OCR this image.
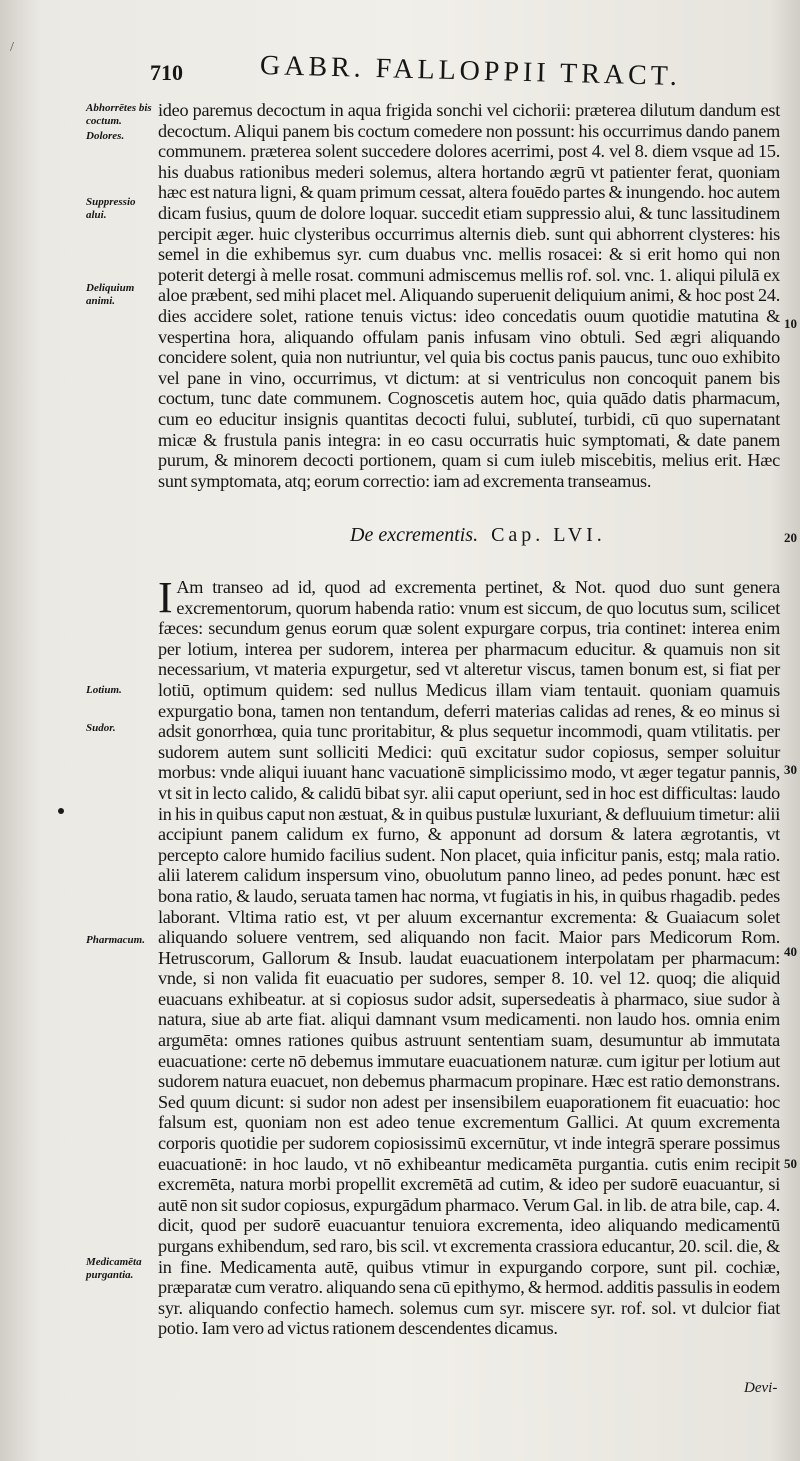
/
710	GABR. FALLOPPII TRACT.
Abhorrētes bis coctum.
Dolores.
Suppressio alui.
Deliquium animi.
Lotium.
Sudor.
Pharmacum.
Medicamēta purgantia.
ideo paremus decoctum in aqua frigida sonchi vel cichorii: præterea dilutum dandum est decoctum. Aliqui panem bis coctum comedere non possunt: his occurrimus dando panem communem. præterea solent succedere dolores acerrimi, post 4. vel 8. diem vsque ad 15. his duabus rationibus mederi solemus, altera hortando ægrū vt patienter ferat, quoniam hæc est natura ligni, & quam primum cessat, altera fouēdo partes & inungendo. hoc autem dicam fusius, quum de dolore loquar. succedit etiam suppressio alui, & tunc lassitudinem percipit æger. huic clysteribus occurrimus alternis dieb. sunt qui abhorrent clysteres: his semel in die exhibemus syr. cum duabus vnc. mellis rosacei: & si erit homo qui non poterit detergi à melle rosat. communi admiscemus mellis rof. sol. vnc. 1. aliqui pilulā ex aloe præbent, sed mihi placet mel. Aliquando superuenit deliquium animi, & hoc post 24. dies accidere solet, ratione tenuis victus: ideo concedatis ouum quotidie matutina & vespertina hora, aliquando offulam panis infusam vino obtuli. Sed ægri aliquando concidere solent, quia non nutriuntur, vel quia bis coctus panis paucus, tunc ouo exhibito vel pane in vino, occurrimus, vt dictum: at si ventriculus non concoquit panem bis coctum, tunc date communem. Cognoscetis autem hoc, quia quādo datis pharmacum, cum eo educitur insignis quantitas decocti fului, subluteí, turbidi, cū quo supernatant micæ & frustula panis integra: in eo casu occurratis huic symptomati, & date panem purum, & minorem decocti portionem, quam si cum iuleb miscebitis, melius erit. Hæc sunt symptomata, atq; eorum correctio: iam ad excrementa transeamus.
De excrementis. Cap. LVI.
I Am transeo ad id, quod ad excrementa pertinet, & Not. quod duo sunt genera excrementorum, quorum habenda ratio: vnum est siccum, de quo locutus sum, scilicet fæces: secundum genus eorum quæ solent expurgare corpus, tria continet: interea enim per lotium, interea per sudorem, interea per pharmacum educitur. & quamuis non sit necessarium, vt materia expurgetur, sed vt alteretur viscus, tamen bonum est, si fiat per lotiū, optimum quidem: sed nullus Medicus illam viam tentauit. quoniam quamuis expurgatio bona, tamen non tentandum, deferri materias calidas ad renes, & eo minus si adsit gonorrhœa, quia tunc proritabitur, & plus sequetur incommodi, quam vtilitatis. per sudorem autem sunt solliciti Medici: quū excitatur sudor copiosus, semper soluitur morbus: vnde aliqui iuuant hanc vacuationē simplicissimo modo, vt æger tegatur pannis, vt sit in lecto calido, & calidū bibat syr. alii caput operiunt, sed in hoc est difficultas: laudo in his in quibus caput non æstuat, & in quibus pustulæ luxuriant, & defluuium timetur: alii accipiunt panem calidum ex furno, & apponunt ad dorsum & latera ægrotantis, vt percepto calore humido facilius sudent. Non placet, quia inficitur panis, estq; mala ratio. alii laterem calidum inspersum vino, obuolutum panno lineo, ad pedes ponunt. hæc est bona ratio, & laudo, seruata tamen hac norma, vt fugiatis in his, in quibus rhagadib. pedes laborant. Vltima ratio est, vt per aluum excernantur excrementa: & Guaiacum solet aliquando soluere ventrem, sed aliquando non facit. Maior pars Medicorum Rom. Hetruscorum, Gallorum & Insub. laudat euacuationem interpolatam per pharmacum: vnde, si non valida fit euacuatio per sudores, semper 8. 10. vel 12. quoq; die aliquid euacuans exhibeatur. at si copiosus sudor adsit, supersedeatis à pharmaco, siue sudor à natura, siue ab arte fiat. aliqui damnant vsum medicamenti. non laudo hos. omnia enim argumēta: omnes rationes quibus astruunt sententiam suam, desumuntur ab immutata euacuatione: certe nō debemus immutare euacuationem naturæ. cum igitur per lotium aut sudorem natura euacuet, non debemus pharmacum propinare. Hæc est ratio demonstrans. Sed quum dicunt: si sudor non adest per insensibilem euaporationem fit euacuatio: hoc falsum est, quoniam non est adeo tenue excrementum Gallici. At quum excrementa corporis quotidie per sudorem copiosissimū excernūtur, vt inde integrā sperare possimus euacuationē: in hoc laudo, vt nō exhibeantur medicamēta purgantia. cutis enim recipit excremēta, natura morbi propellit excremētā ad cutim, & ideo per sudorē euacuantur, si autē non sit sudor copiosus, expurgādum pharmaco. Verum Gal. in lib. de atra bile, cap. 4. dicit, quod per sudorē euacuantur tenuiora excrementa, ideo aliquando medicamentū purgans exhibendum, sed raro, bis scil. vt excrementa crassiora educantur, 20. scil. die, & in fine. Medicamenta autē, quibus vtimur in expurgando corpore, sunt pil. cochiæ, præparatæ cum veratro. aliquando sena cū epithymo, & hermod. additis passulis in eodem syr. aliquando confectio hamech. solemus cum syr. miscere syr. rof. sol. vt dulcior fiat potio. Iam vero ad victus rationem descendentes dicamus.
10
20
30
40
50
Devi-
